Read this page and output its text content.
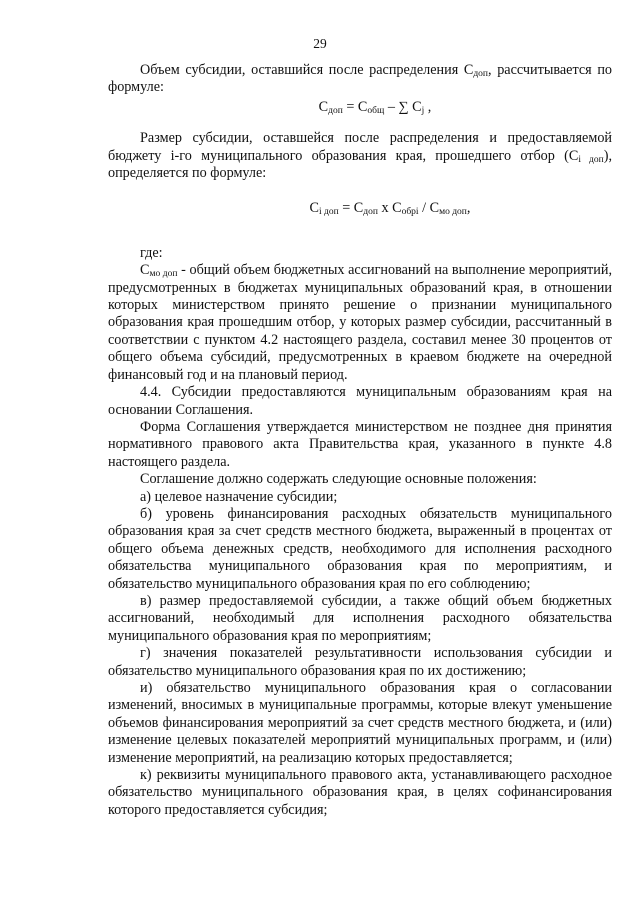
29

Объем субсидии, оставшийся после распределения $С_{доп}$, рассчитывается по формуле:

$С_{доп} = С_{общ}$ – ∑ $С_j$ ,

Размер субсидии, оставшейся после распределения и предоставляемой бюджету i-го муниципального образования края, прошедшего отбор $(С_{i доп})$, определяется по формуле:

$С_{i доп} = С_{доп}$ х $С_{обрi} / С_{мо доп}$,

где:

$С_{мо доп}$ - общий объем бюджетных ассигнований на выполнение мероприятий, предусмотренных в бюджетах муниципальных образований края, в отношении которых министерством принято решение о признании муниципального образования края прошедшим отбор, у которых размер субсидии, рассчитанный в соответствии с пунктом 4.2 настоящего раздела, составил менее 30 процентов от общего объема субсидий, предусмотренных в краевом бюджете на очередной финансовый год и на плановый период.

4.4. Субсидии предоставляются муниципальным образованиям края на основании Соглашения.

Форма Соглашения утверждается министерством не позднее дня принятия нормативного правового акта Правительства края, указанного в пункте 4.8 настоящего раздела.

Соглашение должно содержать следующие основные положения:

а) целевое назначение субсидии;

б) уровень финансирования расходных обязательств муниципального образования края за счет средств местного бюджета, выраженный в процентах от общего объема денежных средств, необходимого для исполнения расходного обязательства муниципального образования края по мероприятиям, и обязательство муниципального образования края по его соблюдению;

в) размер предоставляемой субсидии, а также общий объем бюджетных ассигнований, необходимый для исполнения расходного обязательства муниципального образования края по мероприятиям;

г) значения показателей результативности использования субсидии и обязательство муниципального образования края по их достижению;

и) обязательство муниципального образования края о согласовании изменений, вносимых в муниципальные программы, которые влекут уменьшение объемов финансирования мероприятий за счет средств местного бюджета, и (или) изменение целевых показателей мероприятий муниципальных программ, и (или) изменение мероприятий, на реализацию которых предоставляется;

к) реквизиты муниципального правового акта, устанавливающего расходное обязательство муниципального образования края, в целях софинансирования которого предоставляется субсидия;
